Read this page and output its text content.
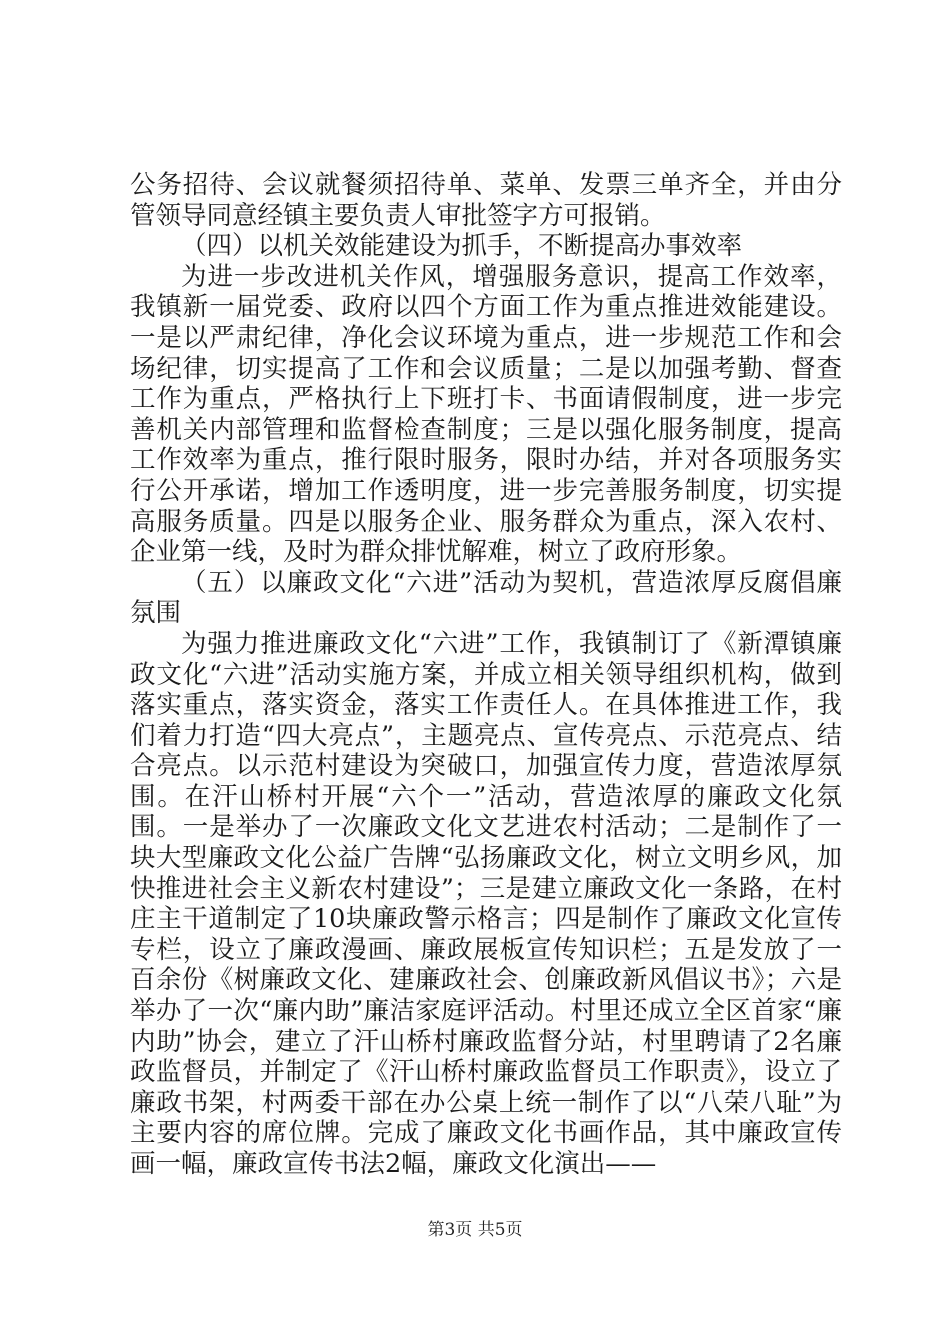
公务招待、会议就餐须招待单、菜单、发票三单齐全，并由分管领导同意经镇主要负责人审批签字方可报销。

（四）以机关效能建设为抓手，不断提高办事效率

为进一步改进机关作风，增强服务意识，提高工作效率，我镇新一届党委、政府以四个方面工作为重点推进效能建设。一是以严肃纪律，净化会议环境为重点，进一步规范工作和会场纪律，切实提高了工作和会议质量；二是以加强考勤、督查工作为重点，严格执行上下班打卡、书面请假制度，进一步完善机关内部管理和监督检查制度；三是以强化服务制度，提高工作效率为重点，推行限时服务，限时办结，并对各项服务实行公开承诺，增加工作透明度，进一步完善服务制度，切实提高服务质量。四是以服务企业、服务群众为重点，深入农村、企业第一线，及时为群众排忧解难，树立了政府形象。

（五）以廉政文化“六进”活动为契机，营造浓厚反腐倡廉氛围

为强力推进廉政文化“六进”工作，我镇制订了《新潭镇廉政文化“六进”活动实施方案，并成立相关领导组织机构，做到落实重点，落实资金，落实工作责任人。在具体推进工作，我们着力打造“四大亮点”，主题亮点、宣传亮点、示范亮点、结合亮点。以示范村建设为突破口，加强宣传力度，营造浓厚氛围。在汗山桥村开展“六个一”活动，营造浓厚的廉政文化氛围。一是举办了一次廉政文化文艺进农村活动；二是制作了一块大型廉政文化公益广告牌“弘扬廉政文化，树立文明乡风，加快推进社会主义新农村建设”；三是建立廉政文化一条路，在村庄主干道制定了10块廉政警示格言；四是制作了廉政文化宣传专栏，设立了廉政漫画、廉政展板宣传知识栏；五是发放了一百余份《树廉政文化、建廉政社会、创廉政新风倡议书》；六是举办了一次“廉内助”廉洁家庭评活动。村里还成立全区首家“廉内助”协会，建立了汗山桥村廉政监督分站，村里聘请了2名廉政监督员，并制定了《汗山桥村廉政监督员工作职责》，设立了廉政书架，村两委干部在办公桌上统一制作了以“八荣八耻”为主要内容的席位牌。完成了廉政文化书画作品，其中廉政宣传画一幅，廉政宣传书法2幅，廉政文化演出——

第3页 共5页
